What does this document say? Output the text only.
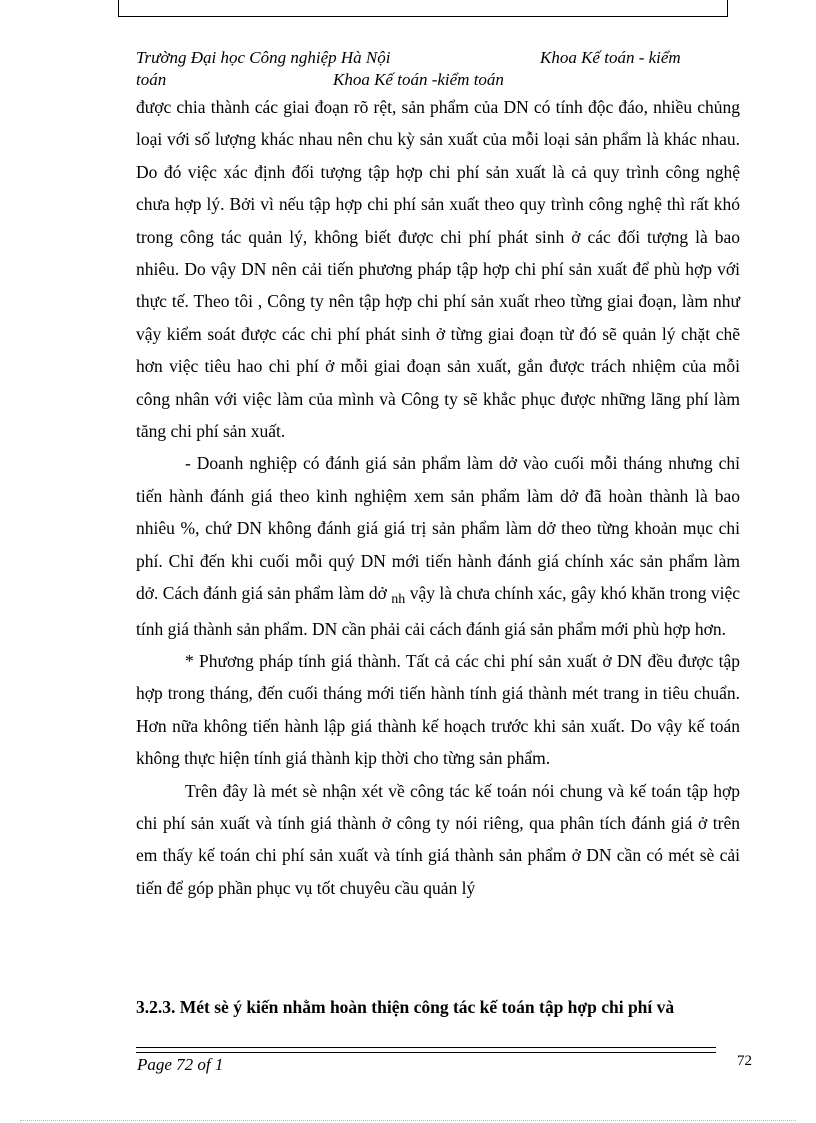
Trường Đại học Công nghiệp Hà Nội	Khoa Kế toán - kiểm
toán	Khoa Kế toán -kiểm toán

được chia thành các giai đoạn rõ rệt, sản phẩm của DN có tính độc đáo, nhiều chủng loại với số lượng khác nhau nên chu kỳ sản xuất của mỗi loại sản phẩm là khác nhau. Do đó việc xác định đối tượng tập hợp chi phí sản xuất là cả quy trình công nghệ chưa hợp lý. Bởi vì nếu tập hợp chi phí sản xuất theo quy trình công nghệ thì rất khó trong công tác quản lý, không biết được chi phí phát sinh ở các đối tượng là bao nhiêu. Do vậy DN nên cải tiến phương pháp tập hợp chi phí sản xuất để phù hợp với thực tế. Theo tôi , Công ty nên tập hợp chi phí sản xuất rheo từng giai đoạn, làm như vậy kiểm soát được các chi phí phát sinh ở từng giai đoạn từ đó sẽ quản lý chặt chẽ hơn việc tiêu hao chi phí ở mỗi giai đoạn sản xuất, gắn được trách nhiệm của mỗi công nhân với việc làm của mình và Công ty sẽ khắc phục được những lãng phí làm tăng chi phí sản xuất.

- Doanh nghiệp có đánh giá sản phẩm làm dở vào cuối mỗi tháng nhưng chỉ tiến hành đánh giá theo kinh nghiệm xem sản phẩm làm dở đã hoàn thành là bao nhiêu %, chứ DN không đánh giá giá trị sản phẩm làm dở theo từng khoản mục chi phí. Chỉ đến khi cuối mỗi quý DN mới tiến hành đánh giá chính xác sản phẩm làm dở. Cách đánh giá sản phẩm làm dở $_{nh}$ vậy là chưa chính xác, gây khó khăn trong việc tính giá thành sản phẩm. DN cần phải cải cách đánh giá sản phẩm mới phù hợp hơn.

* Phương pháp tính giá thành. Tất cả các chi phí sản xuất ở DN đều được tập hợp trong tháng, đến cuối tháng mới tiến hành tính giá thành mét trang in tiêu chuẩn. Hơn nữa không tiến hành lập giá thành kế hoạch trước khi sản xuất. Do vậy kế toán không thực hiện tính giá thành kịp thời cho từng sản phẩm.

Trên đây là mét sè nhận xét về công tác kế toán nói chung và kế toán tập hợp chi phí sản xuất và tính giá thành ở công ty nói riêng, qua phân tích đánh giá ở trên em thấy kế toán chi phí sản xuất và tính giá thành sản phẩm ở DN cần có mét sè cải tiến để góp phần phục vụ tốt chuyêu cầu quản lý

3.2.3. Mét sè ý kiến nhằm hoàn thiện công tác kế toán tập hợp chi phí và
Page 72 of 1	72
